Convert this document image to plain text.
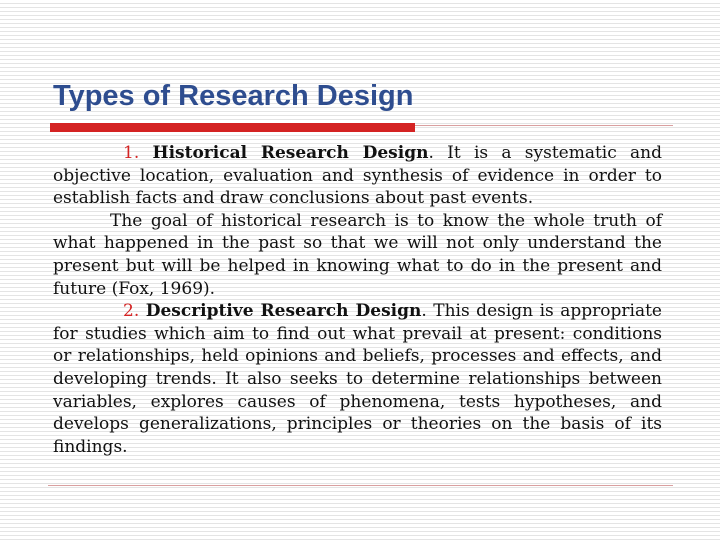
Types of Research Design

1. Historical Research Design. It is a systematic and objective location, evaluation and synthesis of evidence in order to establish facts and draw conclusions about past events.

The goal of historical research is to know the whole truth of what happened in the past so that we will not only understand the present but will be helped in knowing what to do in the present and future (Fox, 1969).

2. Descriptive Research Design. This design is appropriate for studies which aim to find out what prevail at present: conditions or relationships, held opinions and beliefs, processes and effects, and developing trends. It also seeks to determine relationships between variables, explores causes of phenomena, tests hypotheses, and develops generalizations, principles or theories on the basis of its findings.
